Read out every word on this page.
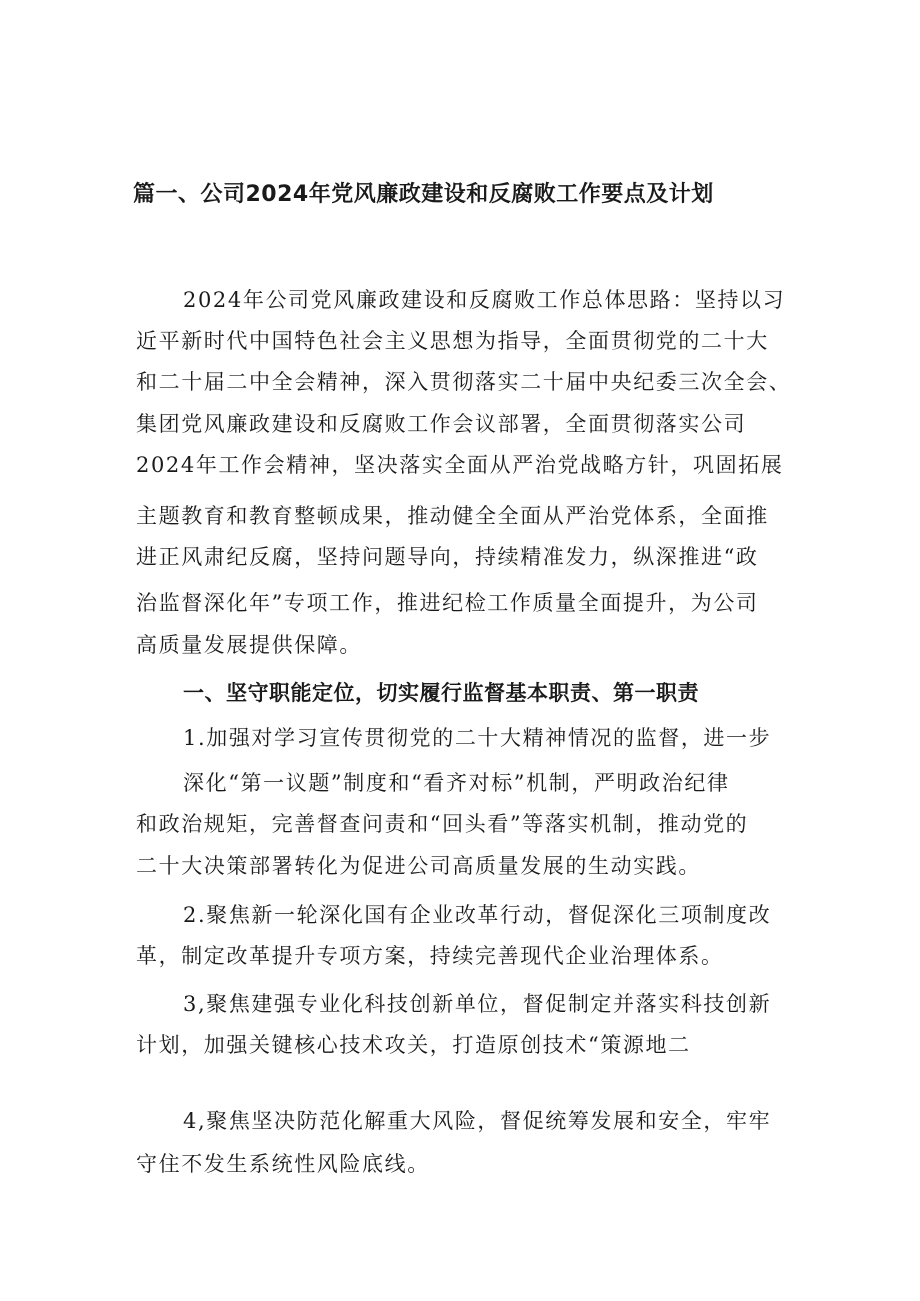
篇一、公司2024年党风廉政建设和反腐败工作要点及计划
2024年公司党风廉政建设和反腐败工作总体思路：坚持以习
近平新时代中国特色社会主义思想为指导，全面贯彻党的二十大
和二十届二中全会精神，深入贯彻落实二十届中央纪委三次全会、
集团党风廉政建设和反腐败工作会议部署，全面贯彻落实公司
2024年工作会精神，坚决落实全面从严治党战略方针，巩固拓展
主题教育和教育整顿成果，推动健全全面从严治党体系，全面推
进正风肃纪反腐，坚持问题导向，持续精准发力，纵深推进“政
治监督深化年”专项工作，推进纪检工作质量全面提升，为公司
高质量发展提供保障。
一、坚守职能定位，切实履行监督基本职责、第一职责
1.加强对学习宣传贯彻党的二十大精神情况的监督，进一步
深化“第一议题”制度和“看齐对标”机制，严明政治纪律
和政治规矩，完善督查问责和“回头看”等落实机制，推动党的
二十大决策部署转化为促进公司高质量发展的生动实践。
2.聚焦新一轮深化国有企业改革行动，督促深化三项制度改
革，制定改革提升专项方案，持续完善现代企业治理体系。
3,聚焦建强专业化科技创新单位，督促制定并落实科技创新
计划，加强关键核心技术攻关，打造原创技术“策源地二
4,聚焦坚决防范化解重大风险，督促统筹发展和安全，牢牢
守住不发生系统性风险底线。
